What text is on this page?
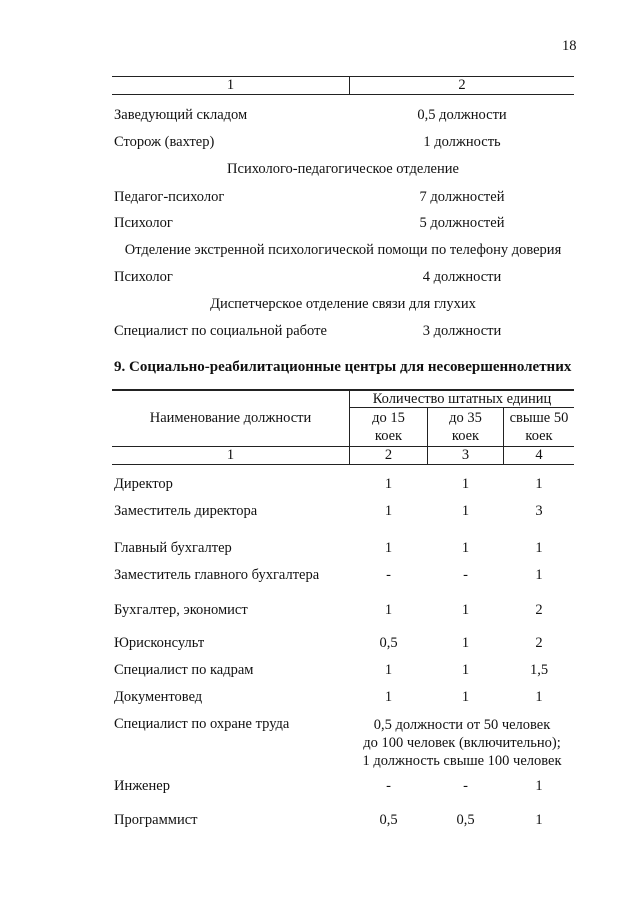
18
1	2
Заведующий складом	0,5 должности
Сторож (вахтер)	1 должность
Психолого-педагогическое отделение
Педагог-психолог	7 должностей
Психолог	5 должностей
Отделение экстренной психологической помощи по телефону доверия
Психолог	4 должности
Диспетчерское отделение связи для глухих
Специалист по социальной работе	3 должности
9. Социально-реабилитационные центры для несовершеннолетних
Наименование должности
Количество штатных единиц
до 15
коек
до 35
коек
свыше 50
коек
1	2	3	4
Директор	1	1	1
Заместитель директора	1	1	3
Главный бухгалтер	1	1	1
Заместитель главного бухгалтера	-	-	1
Бухгалтер, экономист	1	1	2
Юрисконсульт	0,5	1	2
Специалист по кадрам	1	1	1,5
Документовед	1	1	1
Специалист по охране труда	0,5 должности от 50 человек
до 100 человек (включительно);
1 должность свыше 100 человек
Инженер	-	-	1
Программист	0,5	0,5	1
